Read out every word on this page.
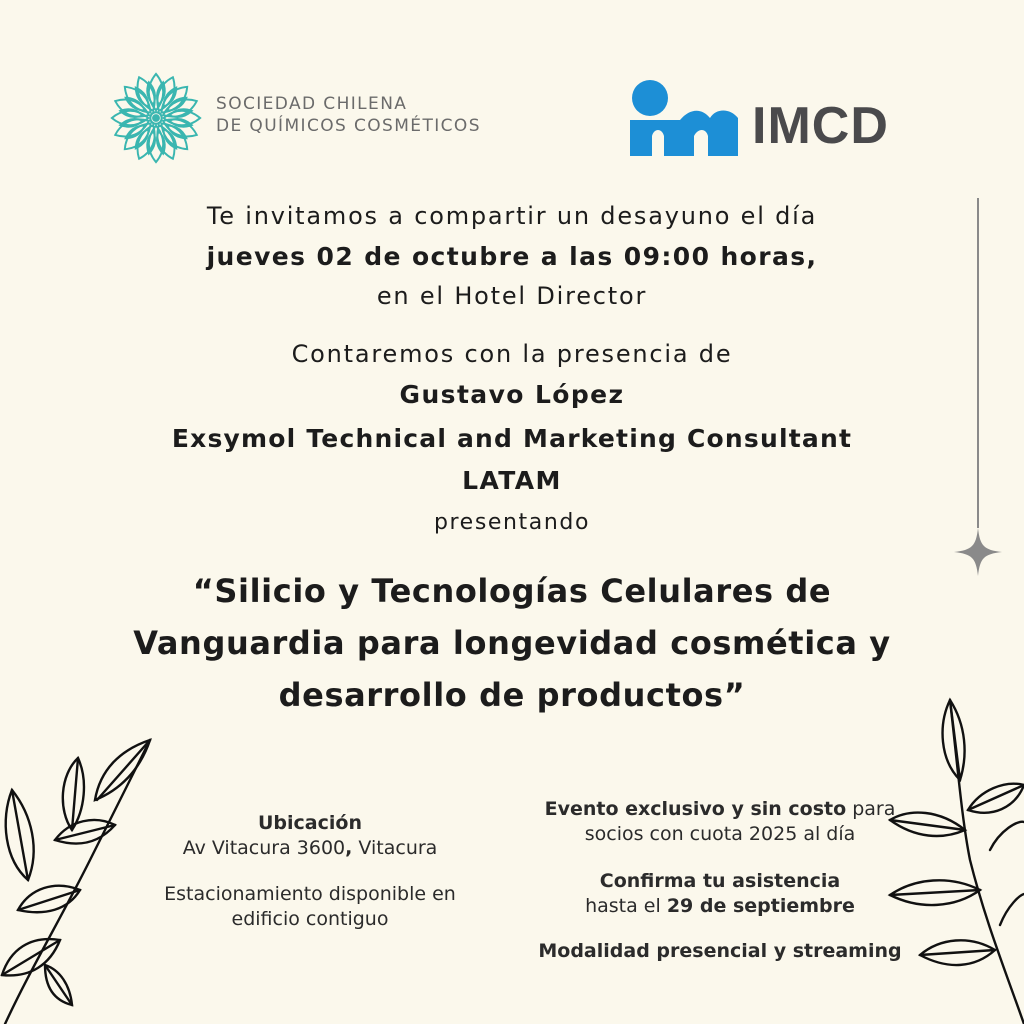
SOCIEDAD CHILENA
DE QUÍMICOS COSMÉTICOS	IMCD
Te invitamos a compartir un desayuno el día
jueves 02 de octubre a las 09:00 horas,
en el Hotel Director
Contaremos con la presencia de
Gustavo López
Exsymol Technical and Marketing Consultant
LATAM
presentando
“Silicio y Tecnologías Celulares de
Vanguardia para longevidad cosmética y
desarrollo de productos”
Ubicación
Av Vitacura 3600, Vitacura
Estacionamiento disponible en
edificio contiguo
Evento exclusivo y sin costo para
socios con cuota 2025 al día
Confirma tu asistencia
hasta el 29 de septiembre
Modalidad presencial y streaming
